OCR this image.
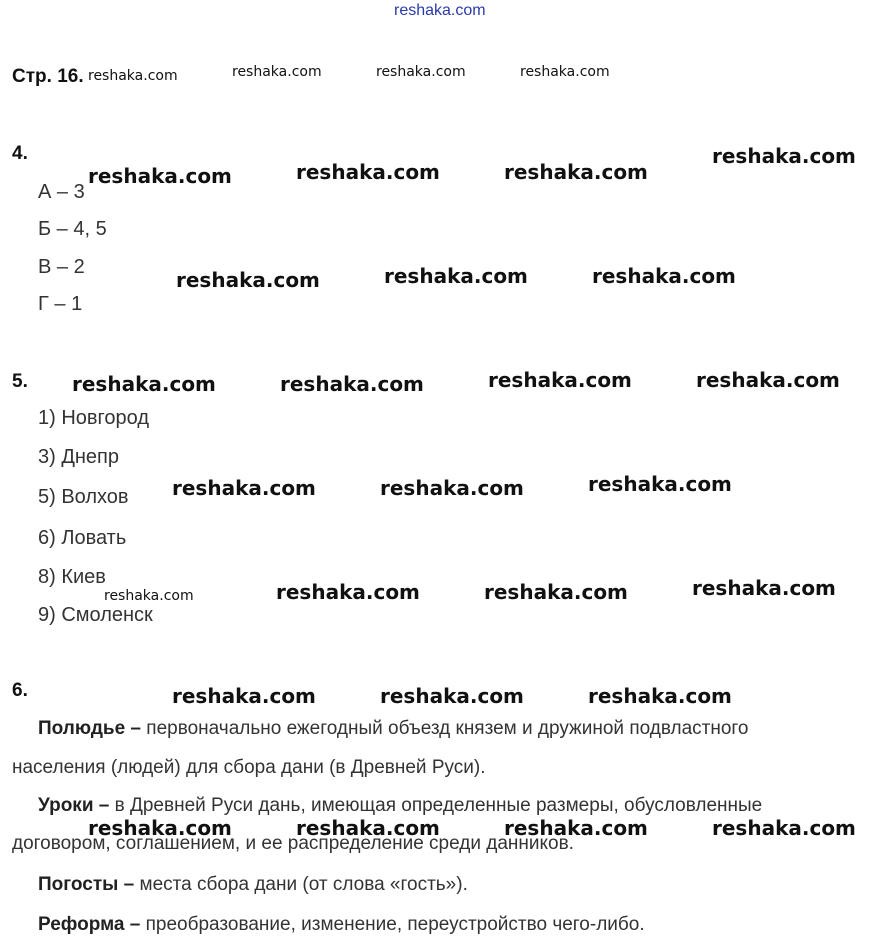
reshaka.com
Стр. 16.
4.
А – 3
Б – 4, 5
В – 2
Г – 1
5.
1) Новгород
3) Днепр
5) Волхов
6) Ловать
8) Киев
9) Смоленск
6.
Полюдье – первоначально ежегодный объезд князем и дружиной подвластного
населения (людей) для сбора дани (в Древней Руси).
Уроки – в Древней Руси дань, имеющая определенные размеры, обусловленные
договором, соглашением, и ее распределение среди данников.
Погосты – места сбора дани (от слова «гость»).
Реформа – преобразование, изменение, переустройство чего-либо.
reshaka.com	reshaka.com	reshaka.com	reshaka.com
reshaka.com	reshaka.com	reshaka.com
reshaka.com
reshaka.com	reshaka.com	reshaka.com
reshaka.com	reshaka.com	reshaka.com	reshaka.com
reshaka.com	reshaka.com	reshaka.com
reshaka.com	reshaka.com	reshaka.com	reshaka.com
reshaka.com	reshaka.com	reshaka.com
reshaka.com	reshaka.com	reshaka.com	reshaka.com
